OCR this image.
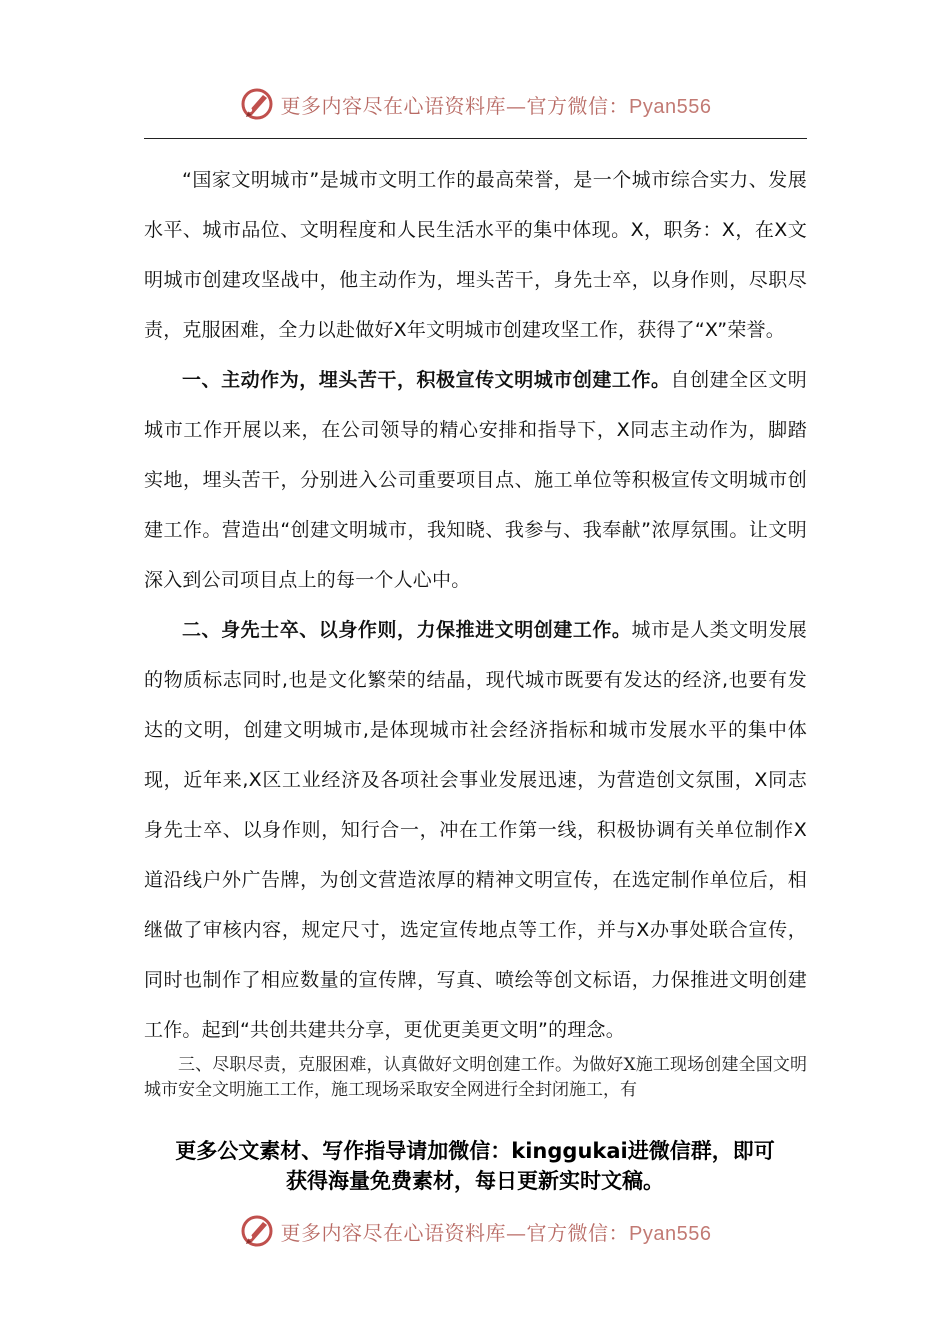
更多内容尽在心语资料库—官方微信：Pyan556

“国家文明城市”是城市文明工作的最高荣誉，是一个城市综合实力、发展水平、城市品位、文明程度和人民生活水平的集中体现。X，职务：X，在X文明城市创建攻坚战中，他主动作为，埋头苦干，身先士卒，以身作则，尽职尽责，克服困难，全力以赴做好X年文明城市创建攻坚工作，获得了“X”荣誉。

一、主动作为，埋头苦干，积极宣传文明城市创建工作。自创建全区文明城市工作开展以来，在公司领导的精心安排和指导下，X同志主动作为，脚踏实地，埋头苦干，分别进入公司重要项目点、施工单位等积极宣传文明城市创建工作。营造出“创建文明城市，我知晓、我参与、我奉献”浓厚氛围。让文明深入到公司项目点上的每一个人心中。

二、身先士卒、以身作则，力保推进文明创建工作。城市是人类文明发展的物质标志同时,也是文化繁荣的结晶，现代城市既要有发达的经济,也要有发达的文明，创建文明城市,是体现城市社会经济指标和城市发展水平的集中体现，近年来,X区工业经济及各项社会事业发展迅速，为营造创文氛围，X同志身先士卒、以身作则，知行合一，冲在工作第一线，积极协调有关单位制作X道沿线户外广告牌，为创文营造浓厚的精神文明宣传，在选定制作单位后，相继做了审核内容，规定尺寸，选定宣传地点等工作，并与X办事处联合宣传，同时也制作了相应数量的宣传牌，写真、喷绘等创文标语，力保推进文明创建工作。起到“共创共建共分享，更优更美更文明”的理念。

三、尽职尽责，克服困难，认真做好文明创建工作。为做好X施工现场创建全国文明城市安全文明施工工作，施工现场采取安全网进行全封闭施工，有

更多公文素材、写作指导请加微信：kinggukai进微信群，即可
获得海量免费素材，每日更新实时文稿。
更多内容尽在心语资料库—官方微信：Pyan556
